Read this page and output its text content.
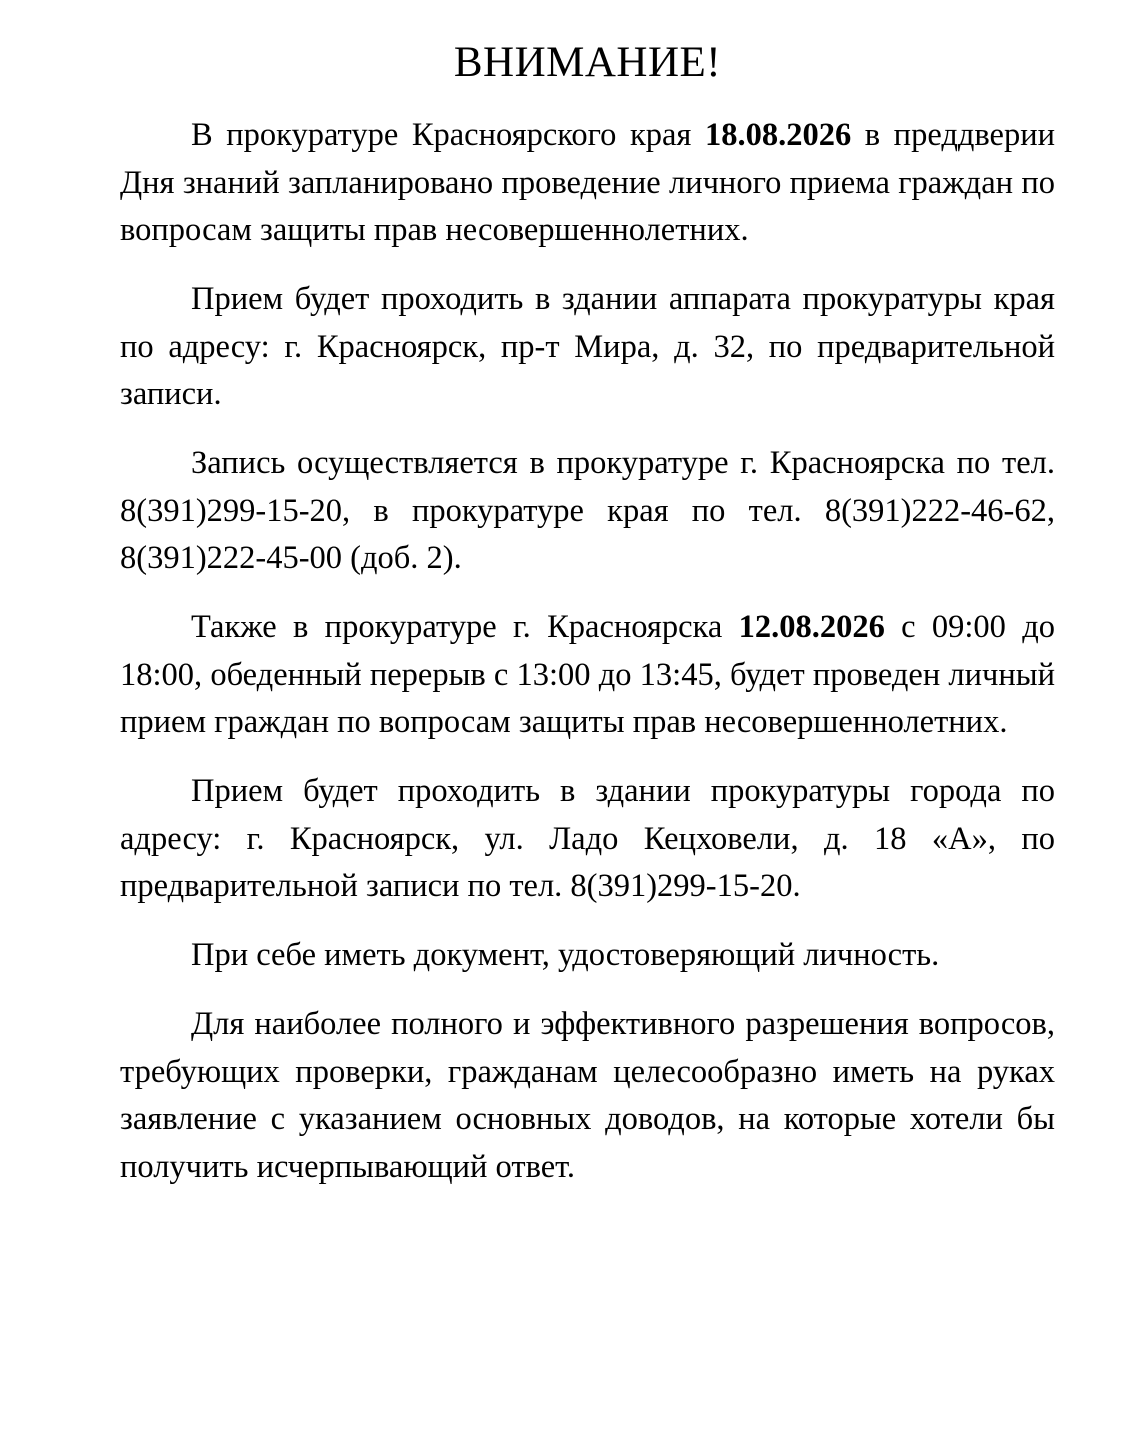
ВНИМАНИЕ!

В прокуратуре Красноярского края 18.08.2026 в преддверии Дня знаний запланировано проведение личного приема граждан по вопросам защиты прав несовершеннолетних.

Прием будет проходить в здании аппарата прокуратуры края по адресу: г. Красноярск, пр-т Мира, д. 32, по предварительной записи.

Запись осуществляется в прокуратуре г. Красноярска по тел. 8(391)299-15-20, в прокуратуре края по тел. 8(391)222-46-62, 8(391)222-45-00 (доб. 2).

Также в прокуратуре г. Красноярска 12.08.2026 с 09:00 до 18:00, обеденный перерыв с 13:00 до 13:45, будет проведен личный прием граждан по вопросам защиты прав несовершеннолетних.

Прием будет проходить в здании прокуратуры города по адресу: г. Красноярск, ул. Ладо Кецховели, д. 18 «А», по предварительной записи по тел. 8(391)299-15-20.

При себе иметь документ, удостоверяющий личность.

Для наиболее полного и эффективного разрешения вопросов, требующих проверки, гражданам целесообразно иметь на руках заявление с указанием основных доводов, на которые хотели бы получить исчерпывающий ответ.
